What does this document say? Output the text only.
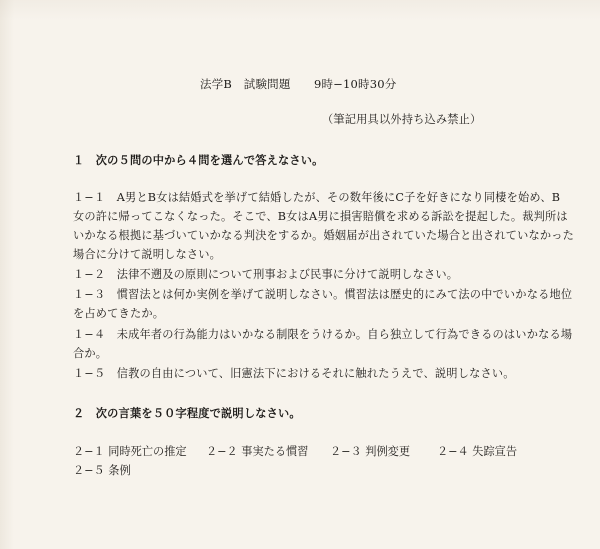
法学B　試験問題　　9時−10時30分
（筆記用具以外持ち込み禁止）
１　次の５問の中から４問を選んで答えなさい。
１−１　A男とB女は結婚式を挙げて結婚したが、その数年後にC子を好きになり同棲を始め、B
女の許に帰ってこなくなった。そこで、B女はA男に損害賠償を求める訴訟を提起した。裁判所は
いかなる根拠に基づいていかなる判決をするか。婚姻届が出されていた場合と出されていなかった
場合に分けて説明しなさい。
１−２　法律不遡及の原則について刑事および民事に分けて説明しなさい。
１−３　慣習法とは何か実例を挙げて説明しなさい。慣習法は歴史的にみて法の中でいかなる地位
を占めてきたか。
１−４　未成年者の行為能力はいかなる制限をうけるか。自ら独立して行為できるのはいかなる場
合か。
１−５　信教の自由について、旧憲法下におけるそれに触れたうえで、説明しなさい。
２　次の言葉を５０字程度で説明しなさい。
２−１ 同時死亡の推定 ２−２ 事実たる慣習 ２−３ 判例変更 ２−４ 失踪宣告
２−５ 条例
